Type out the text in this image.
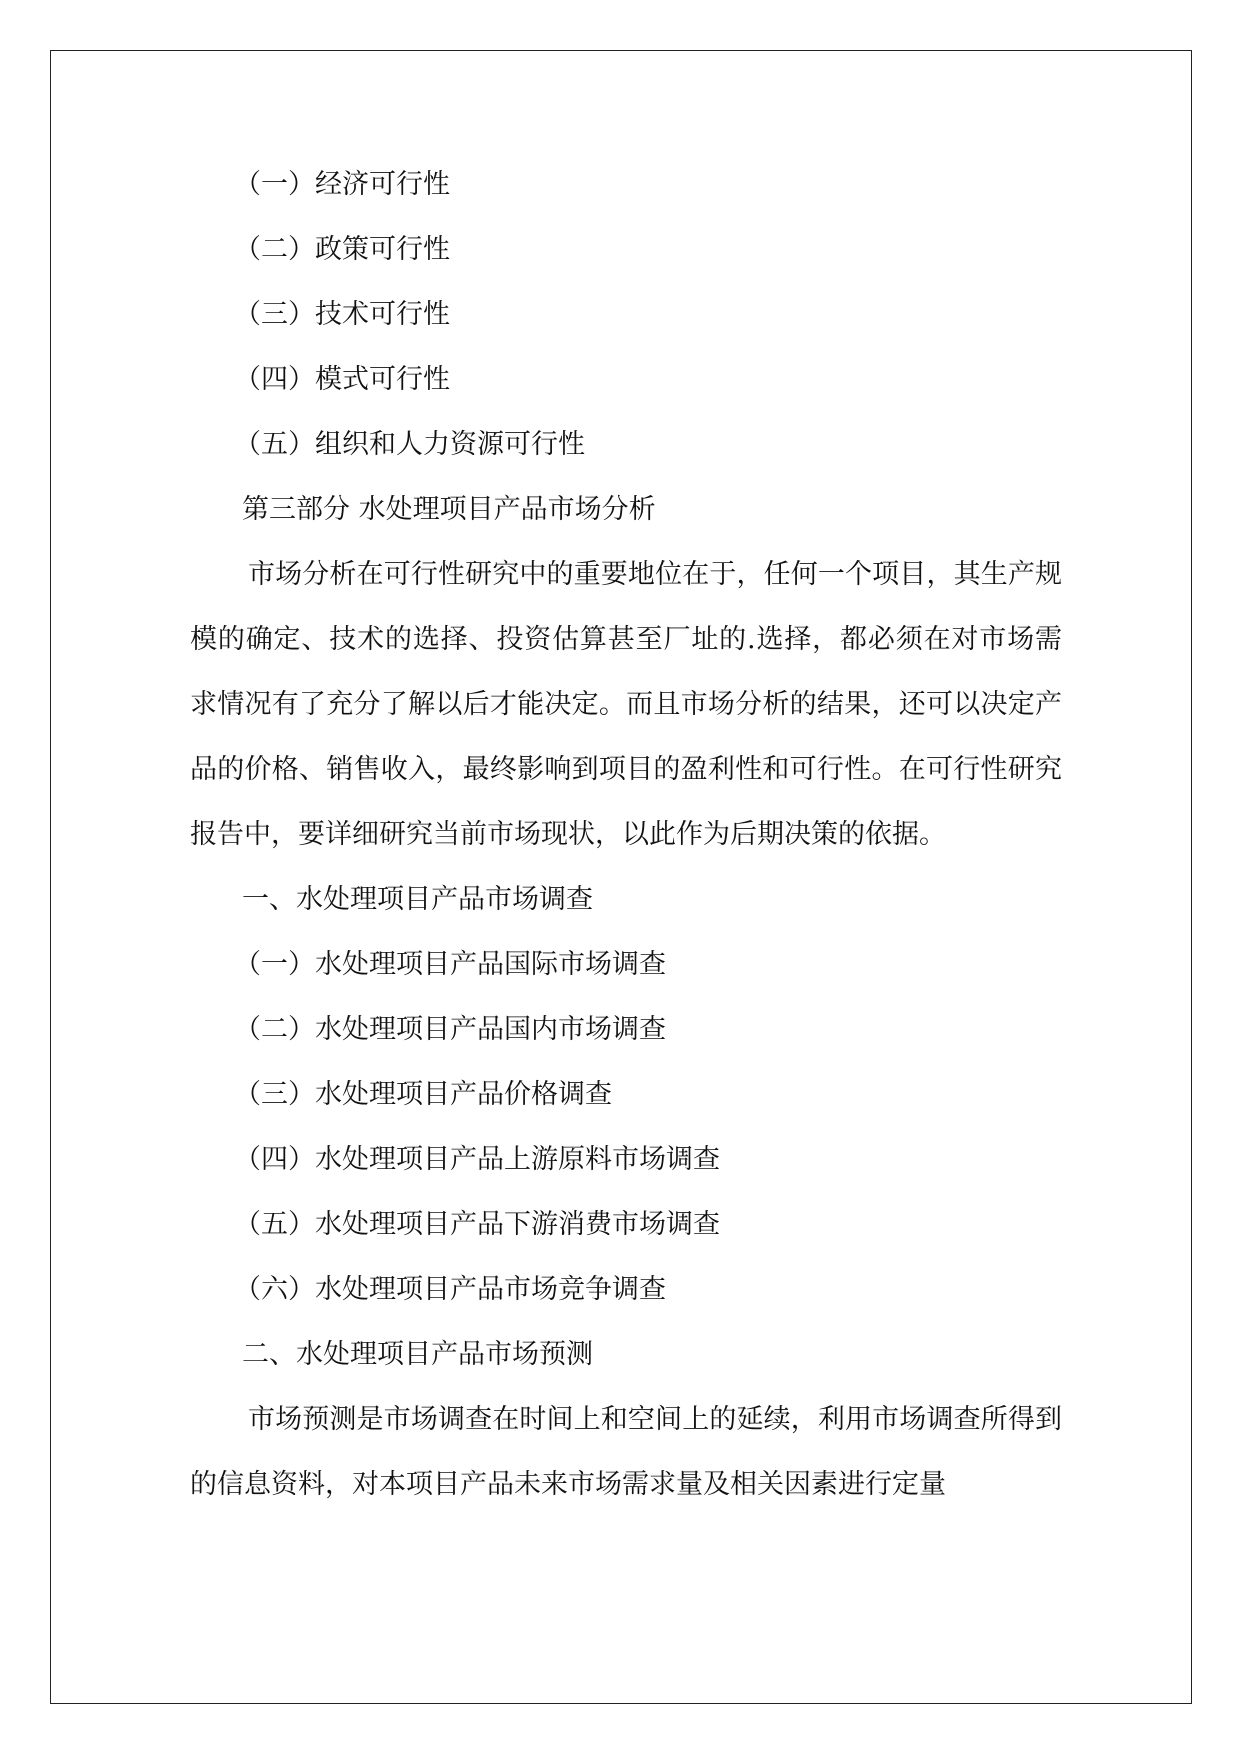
（一）经济可行性

（二）政策可行性

（三）技术可行性

（四）模式可行性

（五）组织和人力资源可行性

第三部分 水处理项目产品市场分析

市场分析在可行性研究中的重要地位在于，任何一个项目，其生产规模的确定、技术的选择、投资估算甚至厂址的.选择，都必须在对市场需求情况有了充分了解以后才能决定。而且市场分析的结果，还可以决定产品的价格、销售收入，最终影响到项目的盈利性和可行性。在可行性研究报告中，要详细研究当前市场现状，以此作为后期决策的依据。

一、水处理项目产品市场调查

（一）水处理项目产品国际市场调查

（二）水处理项目产品国内市场调查

（三）水处理项目产品价格调查

（四）水处理项目产品上游原料市场调查

（五）水处理项目产品下游消费市场调查

（六）水处理项目产品市场竞争调查

二、水处理项目产品市场预测

市场预测是市场调查在时间上和空间上的延续，利用市场调查所得到的信息资料，对本项目产品未来市场需求量及相关因素进行定量
